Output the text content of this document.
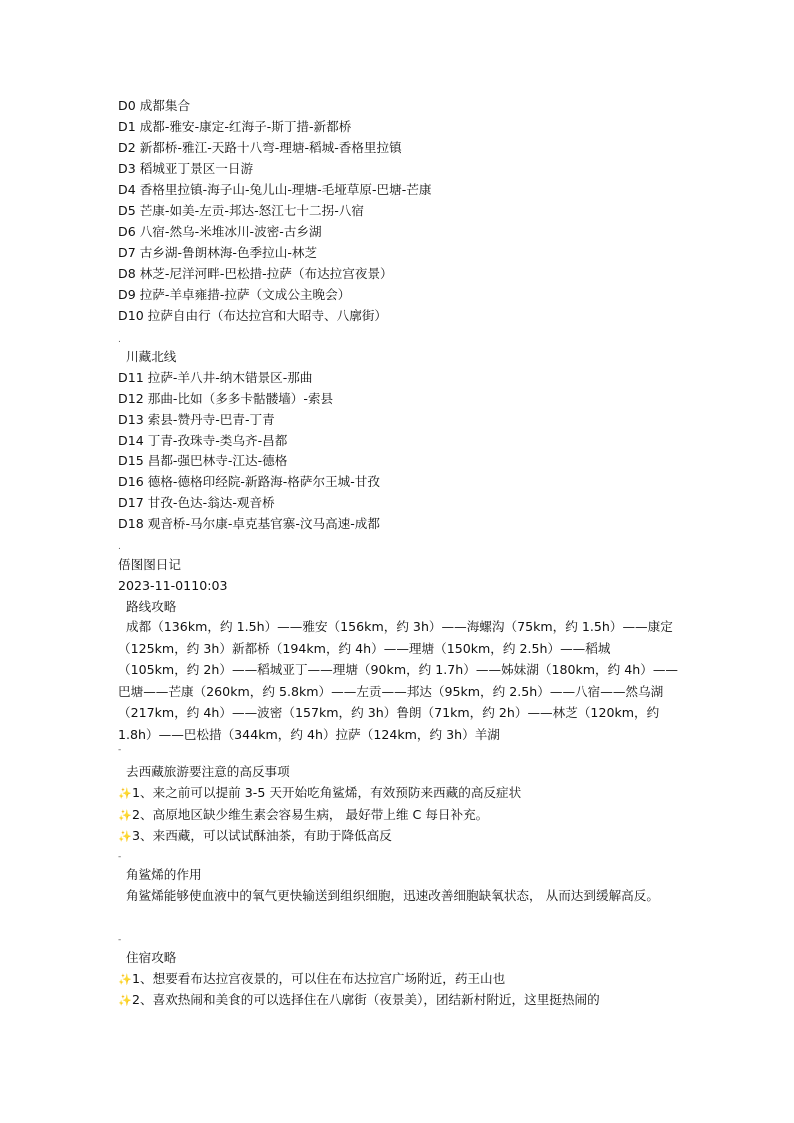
D0 成都集合
D1 成都-雅安-康定-红海子-斯丁措-新都桥
D2 新都桥-雅江-天路十八弯-理塘-稻城-香格里拉镇
D3 稻城亚丁景区一日游
D4 香格里拉镇-海子山-兔儿山-理塘-毛垭草原-巴塘-芒康
D5 芒康-如美-左贡-邦达-怒江七十二拐-八宿
D6 八宿-然乌-米堆冰川-波密-古乡湖
D7 古乡湖-鲁朗林海-色季拉山-林芝
D8 林芝-尼洋河畔-巴松措-拉萨（布达拉宫夜景）
D9 拉萨-羊卓雍措-拉萨（文成公主晚会）
D10 拉萨自由行（布达拉宫和大昭寺、八廓街）
.
川藏北线
D11 拉萨-羊八井-纳木错景区-那曲
D12 那曲-比如（多多卡骷髅墙）-索县
D13 索县-赞丹寺-巴青-丁青
D14 丁青-孜珠寺-类乌齐-昌都
D15 昌都-强巴林寺-江达-德格
D16 德格-德格印经院-新路海-格萨尔王城-甘孜
D17 甘孜-色达-翁达-观音桥
D18 观音桥-马尔康-卓克基官寨-汶马高速-成都
.
俉图图日记
2023-11-0110:03
路线攻略
成都（136km，约 1.5h）——雅安（156km，约 3h）——海螺沟（75km，约 1.5h）——康定（125km，约 3h）新都桥（194km，约 4h）——理塘（150km，约 2.5h）——稻城（105km，约 2h）——稻城亚丁——理塘（90km，约 1.7h）——姊妹湖（180km，约 4h）——巴塘——芒康（260km，约 5.8km）——左贡——邦达（95km，约 2.5h）——八宿——然乌湖（217km，约 4h）——波密（157km，约 3h）鲁朗（71km，约 2h）——林芝（120km，约 1.8h）——巴松措（344km，约 4h）拉萨（124km，约 3h）羊湖
-
去西藏旅游要注意的高反事项
✨1、来之前可以提前 3-5 天开始吃角鲨烯，有效预防来西藏的高反症状
✨2、高原地区缺少维生素会容易生病， 最好带上维 C 每日补充。
✨3、来西藏，可以试试酥油茶，有助于降低高反
-
角鲨烯的作用
角鲨烯能够使血液中的氧气更快输送到组织细胞，迅速改善细胞缺氧状态， 从而达到缓解高反。
-
住宿攻略
✨1、想要看布达拉宫夜景的，可以住在布达拉宫广场附近，药王山也
✨2、喜欢热闹和美食的可以选择住在八廓街（夜景美），团结新村附近，这里挺热闹的
